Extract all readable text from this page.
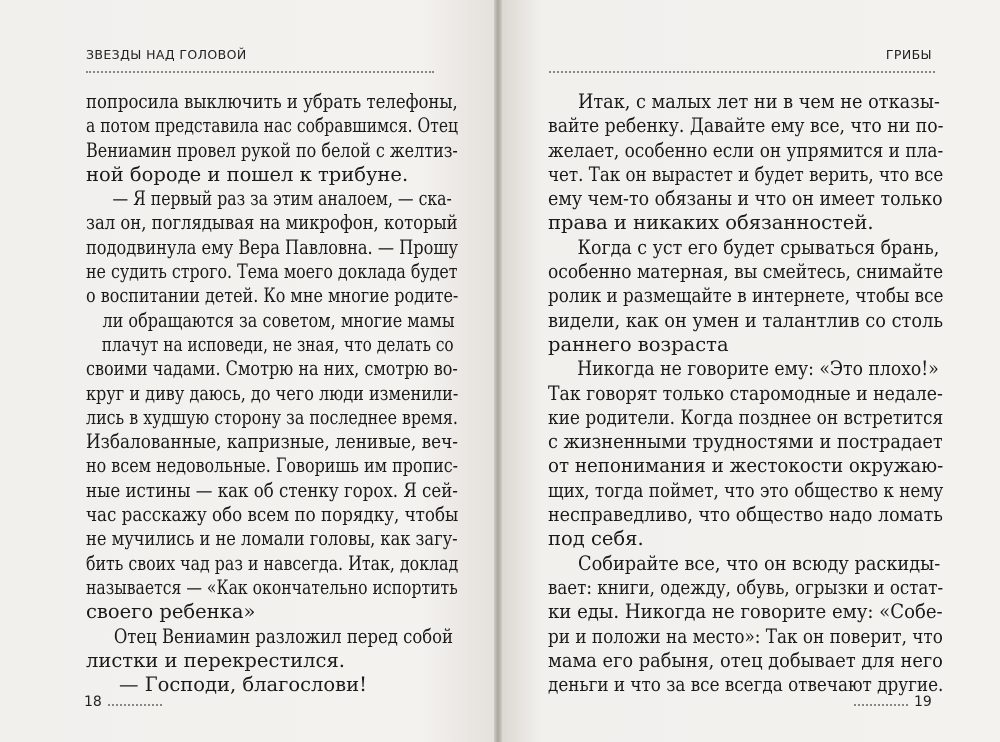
ЗВЕЗДЫ НАД ГОЛОВОЙ
попросила выключить и убрать телефоны,
а потом представила нас собравшимся. Отец
Вениамин провел рукой по белой с желтиз-
ной бороде и пошел к трибуне.
— Я первый раз за этим аналоем, — ска-
зал он, поглядывая на микрофон, который
пододвинула ему Вера Павловна. — Прошу
не судить строго. Тема моего доклада будет
о воспитании детей. Ко мне многие родите-
ли обращаются за советом, многие мамы
плачут на исповеди, не зная, что делать со
своими чадами. Смотрю на них, смотрю во-
круг и диву даюсь, до чего люди изменили-
лись в худшую сторону за последнее время.
Избалованные, капризные, ленивые, веч-
но всем недовольные. Говоришь им пропис-
ные истины — как об стенку горох. Я сей-
час расскажу обо всем по порядку, чтобы
не мучились и не ломали головы, как загу-
бить своих чад раз и навсегда. Итак, доклад
называется — «Как окончательно испортить
своего ребенка»
Отец Вениамин разложил перед собой
листки и перекрестился.
— Господи, благослови!
18
ГРИБЫ
Итак, с малых лет ни в чем не отказы-
вайте ребенку. Давайте ему все, что ни по-
желает, особенно если он упрямится и пла-
чет. Так он вырастет и будет верить, что все
ему чем-то обязаны и что он имеет только
права и никаких обязанностей.
Когда с уст его будет срываться брань,
особенно матерная, вы смейтесь, снимайте
ролик и размещайте в интернете, чтобы все
видели, как он умен и талантлив со столь
раннего возраста
Никогда не говорите ему: «Это плохо!»
Так говорят только старомодные и недале-
кие родители. Когда позднее он встретится
с жизненными трудностями и пострадает
от непонимания и жестокости окружаю-
щих, тогда поймет, что это общество к нему
несправедливо, что общество надо ломать
под себя.
Собирайте все, что он всюду раскиды-
вает: книги, одежду, обувь, огрызки и остат-
ки еды. Никогда не говорите ему: «Собе-
ри и положи на место»: Так он поверит, что
мама его рабыня, отец добывает для него
деньги и что за все всегда отвечают другие.
19
